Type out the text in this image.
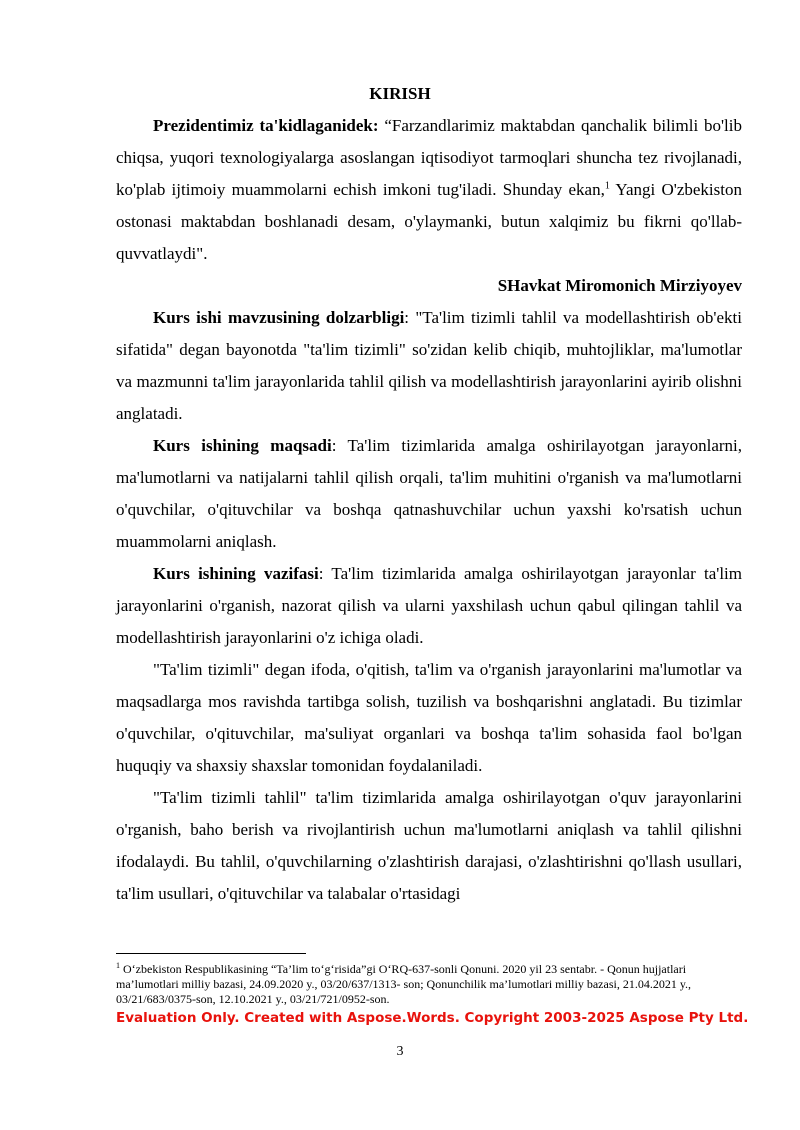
KIRISH

Prezidentimiz ta'kidlaganidek: “Farzandlarimiz maktabdan qanchalik bilimli bo'lib chiqsa, yuqori texnologiyalarga asoslangan iqtisodiyot tarmoqlari shuncha tez rivojlanadi, ko'plab ijtimoiy muammolarni echish imkoni tug'iladi. Shunday ekan,$^1$ Yangi O'zbekiston ostonasi maktabdan boshlanadi desam, o'ylaymanki, butun xalqimiz bu fikrni qo'llab-quvvatlaydi".

SHavkat Miromonich Mirziyoyev

Kurs ishi mavzusining dolzarbligi: "Ta'lim tizimli tahlil va modellashtirish ob'ekti sifatida" degan bayonotda "ta'lim tizimli" so'zidan kelib chiqib, muhtojliklar, ma'lumotlar va mazmunni ta'lim jarayonlarida tahlil qilish va modellashtirish jarayonlarini ayirib olishni anglatadi.

Kurs ishining maqsadi: Ta'lim tizimlarida amalga oshirilayotgan jarayonlarni, ma'lumotlarni va natijalarni tahlil qilish orqali, ta'lim muhitini o'rganish va ma'lumotlarni o'quvchilar, o'qituvchilar va boshqa qatnashuvchilar uchun yaxshi ko'rsatish uchun muammolarni aniqlash.

Kurs ishining vazifasi: Ta'lim tizimlarida amalga oshirilayotgan jarayonlar ta'lim jarayonlarini o'rganish, nazorat qilish va ularni yaxshilash uchun qabul qilingan tahlil va modellashtirish jarayonlarini o'z ichiga oladi.

"Ta'lim tizimli" degan ifoda, o'qitish, ta'lim va o'rganish jarayonlarini ma'lumotlar va maqsadlarga mos ravishda tartibga solish, tuzilish va boshqarishni anglatadi. Bu tizimlar o'quvchilar, o'qituvchilar, ma'suliyat organlari va boshqa ta'lim sohasida faol bo'lgan huquqiy va shaxsiy shaxslar tomonidan foydalaniladi.

"Ta'lim tizimli tahlil" ta'lim tizimlarida amalga oshirilayotgan o'quv jarayonlarini o'rganish, baho berish va rivojlantirish uchun ma'lumotlarni aniqlash va tahlil qilishni ifodalaydi. Bu tahlil, o'quvchilarning o'zlashtirish darajasi, o'zlashtirishni qo'llash usullari, ta'lim usullari, o'qituvchilar va talabalar o'rtasidagi

$^1$ O‘zbekiston Respublikasining “Ta’lim to‘g‘risida”gi O‘RQ-637-sonli Qonuni. 2020 yil 23 sentabr. - Qonun hujjatlari ma’lumotlari milliy bazasi, 24.09.2020 y., 03/20/637/1313- son; Qonunchilik ma’lumotlari milliy bazasi, 21.04.2021 y., 03/21/683/0375-son, 12.10.2021 y., 03/21/721/0952-son.

Evaluation Only. Created with Aspose.Words. Copyright 2003-2025 Aspose Pty Ltd.

3
